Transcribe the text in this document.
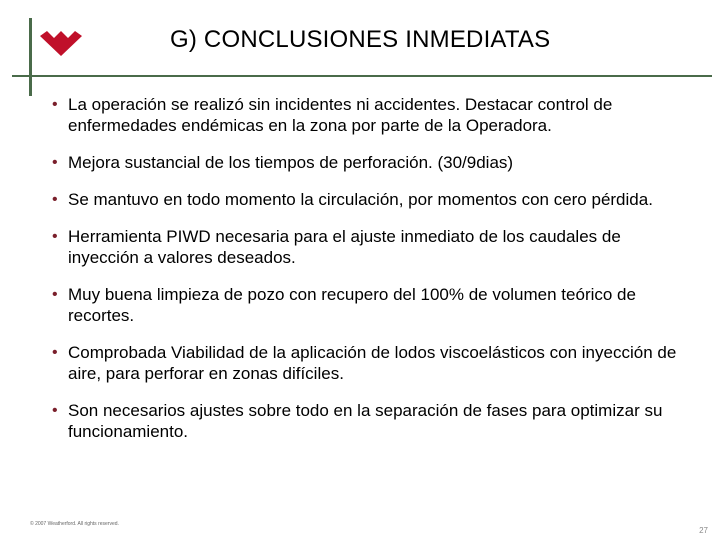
G) CONCLUSIONES INMEDIATAS
• La operación se realizó sin incidentes ni accidentes. Destacar control de enfermedades endémicas en la zona por parte de la Operadora.
• Mejora sustancial de los tiempos de perforación. (30/9dias)
• Se mantuvo en todo momento la circulación, por momentos con cero pérdida.
• Herramienta PIWD necesaria para el ajuste inmediato de los caudales de inyección a valores deseados.
• Muy buena limpieza de pozo con recupero del 100% de volumen teórico de recortes.
• Comprobada Viabilidad de la aplicación de lodos viscoelásticos con inyección de aire, para perforar en zonas difíciles.
• Son necesarios ajustes sobre todo en la separación de fases para optimizar su funcionamiento.
© 2007 Weatherford. All rights reserved.
27
